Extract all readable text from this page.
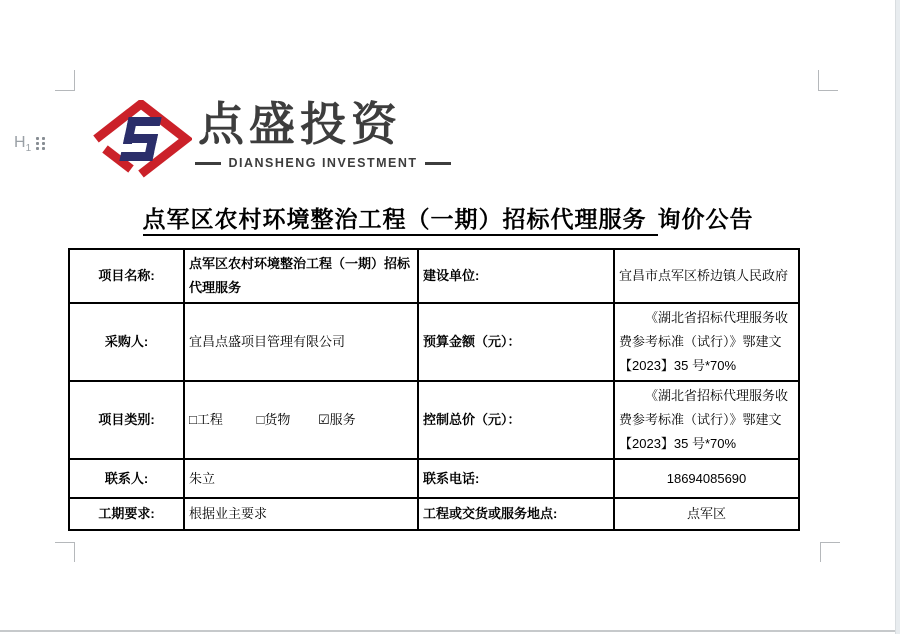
$H_1$	点盛投资
DIANSHENG INVESTMENT
点军区农村环境整治工程（一期）招标代理服务 询价公告
项目名称:	点军区农村环境整治工程（一期）招标代理服务	建设单位:	宜昌市点军区桥边镇人民政府
采购人:	宜昌点盛项目管理有限公司	预算金额（元）：	《湖北省招标代理服务收费参考标准（试行）》鄂建文【2023】35 号*70%
项目类别:	□工程 □货物 ☑服务	控制总价（元）：	《湖北省招标代理服务收费参考标准（试行）》鄂建文【2023】35 号*70%
联系人:	朱立	联系电话:	18694085690
工期要求:	根据业主要求	工程或交货或服务地点:	点军区
